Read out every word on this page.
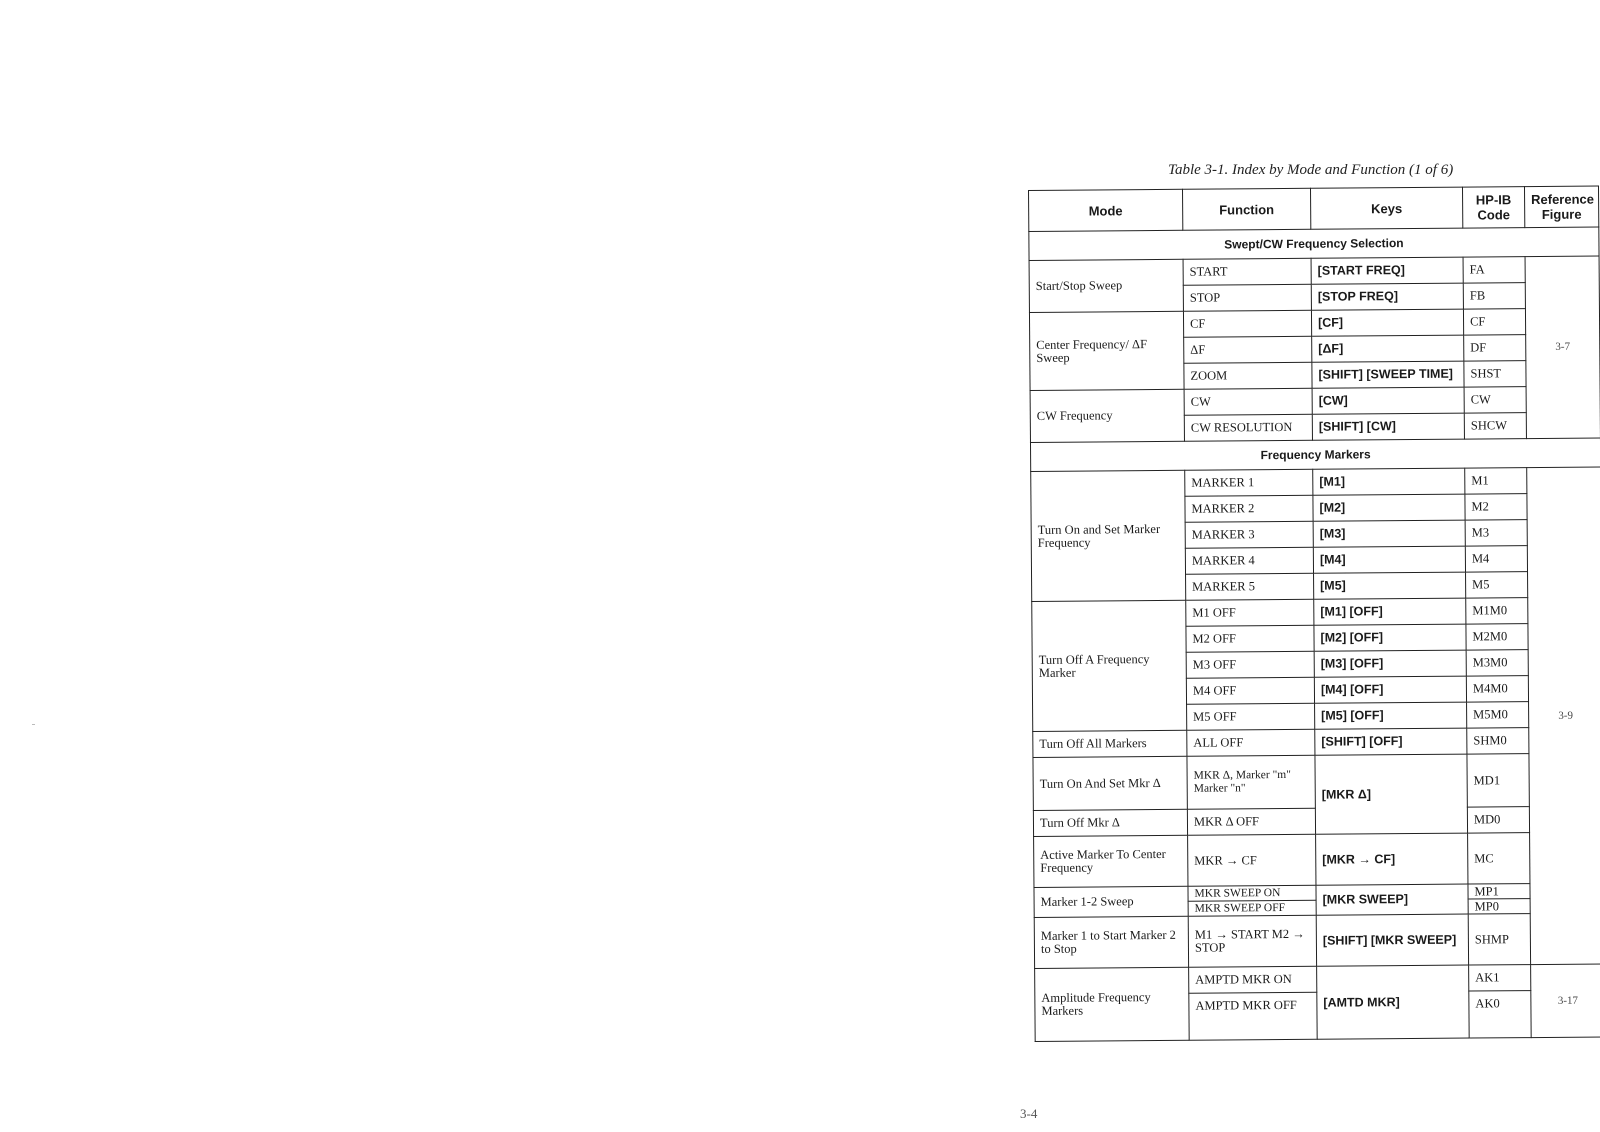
Table 3-1. Index by Mode and Function (1 of 6)
Mode	Function	Keys	HP-IB Code	Reference Figure
Swept/CW Frequency Selection				
Start/Stop Sweep	START	[START FREQ]	FA	3-7
	STOP	[STOP FREQ]	FB	
Center Frequency/ ΔF Sweep	CF	[CF]	CF	
	ΔF	[ΔF]	DF	
	ZOOM	[SHIFT] [SWEEP TIME]	SHST	
CW Frequency	CW	[CW]	CW	
	CW RESOLUTION	[SHIFT] [CW]	SHCW	
Frequency Markers				
Turn On and Set Marker Frequency	MARKER 1	[M1]	M1	3-9
	MARKER 2	[M2]	M2	
	MARKER 3	[M3]	M3	
	MARKER 4	[M4]	M4	
	MARKER 5	[M5]	M5	
Turn Off A Frequency Marker	M1 OFF	[M1] [OFF]	M1M0	
	M2 OFF	[M2] [OFF]	M2M0	
	M3 OFF	[M3] [OFF]	M3M0	
	M4 OFF	[M4] [OFF]	M4M0	
	M5 OFF	[M5] [OFF]	M5M0	
Turn Off All Markers	ALL OFF	[SHIFT] [OFF]	SHM0	
Turn On And Set Mkr Δ	MKR Δ, Marker "m" Marker "n"	[MKR Δ]	MD1	
Turn Off Mkr Δ	MKR Δ OFF		MD0	
Active Marker To Center Frequency	MKR → CF	[MKR → CF]	MC	
Marker 1-2 Sweep	MKR SWEEP ON	[MKR SWEEP]	MP1	
	MKR SWEEP OFF		MP0	
Marker 1 to Start Marker 2 to Stop	M1 → START M2 → STOP	[SHIFT] [MKR SWEEP]	SHMP	
Amplitude Frequency Markers	AMPTD MKR ON	[AMTD MKR]	AK1	3-17
	AMPTD MKR OFF		AK0	
3-4
